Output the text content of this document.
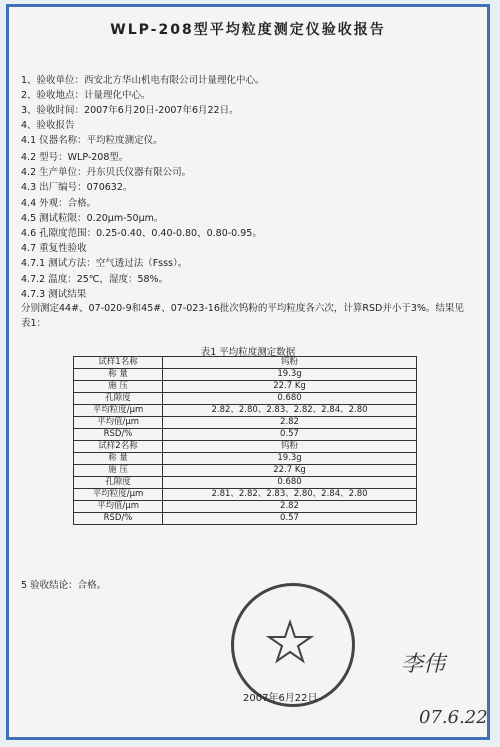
WLP-208型平均粒度测定仪验收报告
1、验收单位：西安北方华山机电有限公司计量理化中心。
2、验收地点：计量理化中心。
3、验收时间：2007年6月20日-2007年6月22日。
4、验收报告
4.1 仪器名称：平均粒度测定仪。
4.2 型号：WLP-208型。
4.2 生产单位：丹东贝氏仪器有限公司。
4.3 出厂编号：070632。
4.4 外观：合格。
4.5 测试粒限：0.20μm-50μm。
4.6 孔隙度范围：0.25-0.40、0.40-0.80、0.80-0.95。
4.7 重复性验收
4.7.1 测试方法：空气透过法（Fsss）。
4.7.2 温度：25℃，湿度：58%。
4.7.3 测试结果
分别测定44#、07-020-9和45#、07-023-16批次钨粉的平均粒度各六次，计算RSD并小于3%。结果见表1：
表1 平均粒度测定数据
试样1名称	钨粉
称 量	19.3g
施 压	22.7 Kg
孔隙度	0.680
平均粒度/μm	2.82、2.80、2.83、2.82、2.84、2.80
平均值/μm	2.82
RSD/%	0.57
试样2名称	钨粉
称 量	19.3g
施 压	22.7 Kg
孔隙度	0.680
平均粒度/μm	2.81、2.82、2.83、2.80、2.84、2.80
平均值/μm	2.82
RSD/%	0.57
5 验收结论：合格。
2007年6月22日
李伟
07.6.22
